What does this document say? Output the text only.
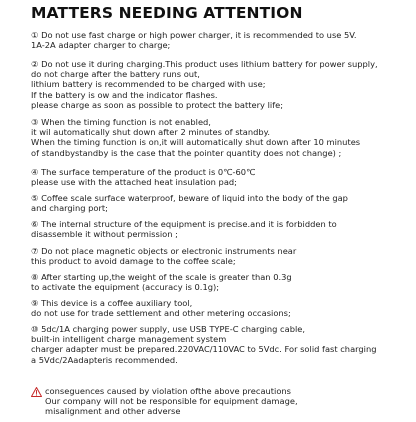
MATTERS NEEDING ATTENTION
① Do not use fast charge or high power charger, it is recommended to use 5V.
1A-2A adapter charger to charge;
② Do not use it during charging.This product uses lithium battery for power supply,
do not charge after the battery runs out,
lithium battery is recommended to be charged with use;
If the battery is ow and the indicator flashes.
please charge as soon as possible to protect the battery life;
③ When the timing function is not enabled,
it wil automatically shut down after 2 minutes of standby.
When the timing function is on,it will automatically shut down after 10 minutes
of standbystandby is the case that the pointer quantity does not change) ;
④ The surface temperature of the product is 0℃-60℃
please use with the attached heat insulation pad;
⑤ Coffee scale surface waterproof, beware of liquid into the body of the gap
and charging port;
⑥ The internal structure of the equipment is precise.and it is forbidden to
disassemble it without permission ;
⑦ Do not place magnetic objects or electronic instruments near
this product to avoid damage to the coffee scale;
⑧ After starting up,the weight of the scale is greater than 0.3g
to activate the equipment (accuracy is 0.1g);
⑨ This device is a coffee auxiliary tool,
do not use for trade settlement and other metering occasions;
⑩ 5dc/1A charging power supply, use USB TYPE-C charging cable,
built-in intelligent charge management system
charger adapter must be prepared.220VAC/110VAC to 5Vdc. For solid fast charging
a 5Vdc/2Aadapteris recommended.
conseguences caused by violation ofthe above precautions
Our company will not be responsible for equipment damage,
misalignment and other adverse
